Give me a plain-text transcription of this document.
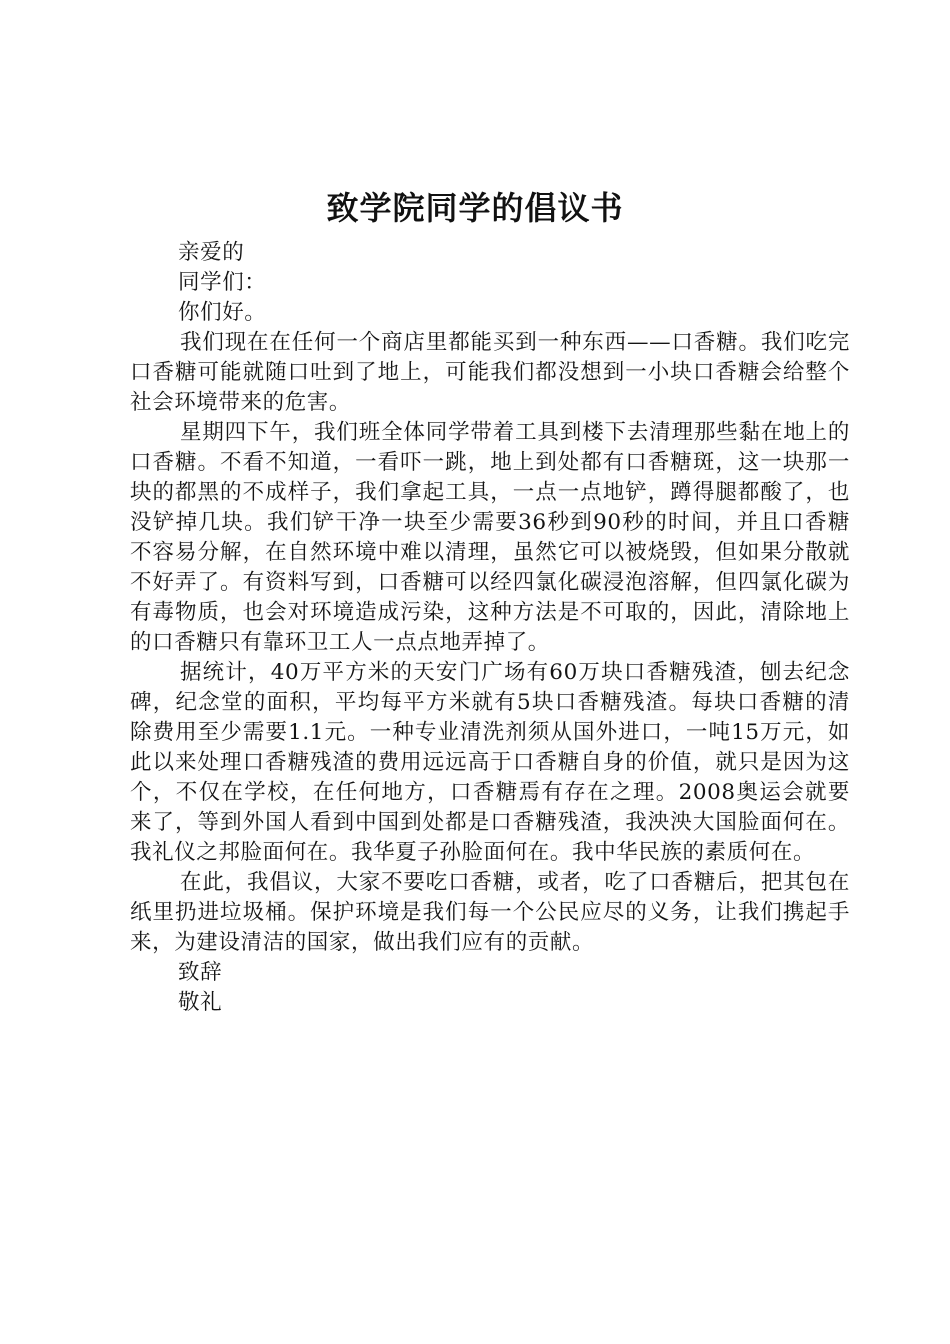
致学院同学的倡议书

亲爱的

同学们：

你们好。

我们现在在任何一个商店里都能买到一种东西——口香糖。我们吃完口香糖可能就随口吐到了地上，可能我们都没想到一小块口香糖会给整个社会环境带来的危害。

星期四下午，我们班全体同学带着工具到楼下去清理那些黏在地上的口香糖。不看不知道，一看吓一跳，地上到处都有口香糖斑，这一块那一块的都黑的不成样子，我们拿起工具，一点一点地铲，蹲得腿都酸了，也没铲掉几块。我们铲干净一块至少需要36秒到90秒的时间，并且口香糖不容易分解，在自然环境中难以清理，虽然它可以被烧毁，但如果分散就不好弄了。有资料写到，口香糖可以经四氯化碳浸泡溶解，但四氯化碳为有毒物质，也会对环境造成污染，这种方法是不可取的，因此，清除地上的口香糖只有靠环卫工人一点点地弄掉了。

据统计，40万平方米的天安门广场有60万块口香糖残渣，刨去纪念碑，纪念堂的面积，平均每平方米就有5块口香糖残渣。每块口香糖的清除费用至少需要1.1元。一种专业清洗剂须从国外进口，一吨15万元，如此以来处理口香糖残渣的费用远远高于口香糖自身的价值，就只是因为这个，不仅在学校，在任何地方，口香糖焉有存在之理。2008奥运会就要来了，等到外国人看到中国到处都是口香糖残渣，我泱泱大国脸面何在。我礼仪之邦脸面何在。我华夏子孙脸面何在。我中华民族的素质何在。

在此，我倡议，大家不要吃口香糖，或者，吃了口香糖后，把其包在纸里扔进垃圾桶。保护环境是我们每一个公民应尽的义务，让我们携起手来，为建设清洁的国家，做出我们应有的贡献。

致辞

敬礼
